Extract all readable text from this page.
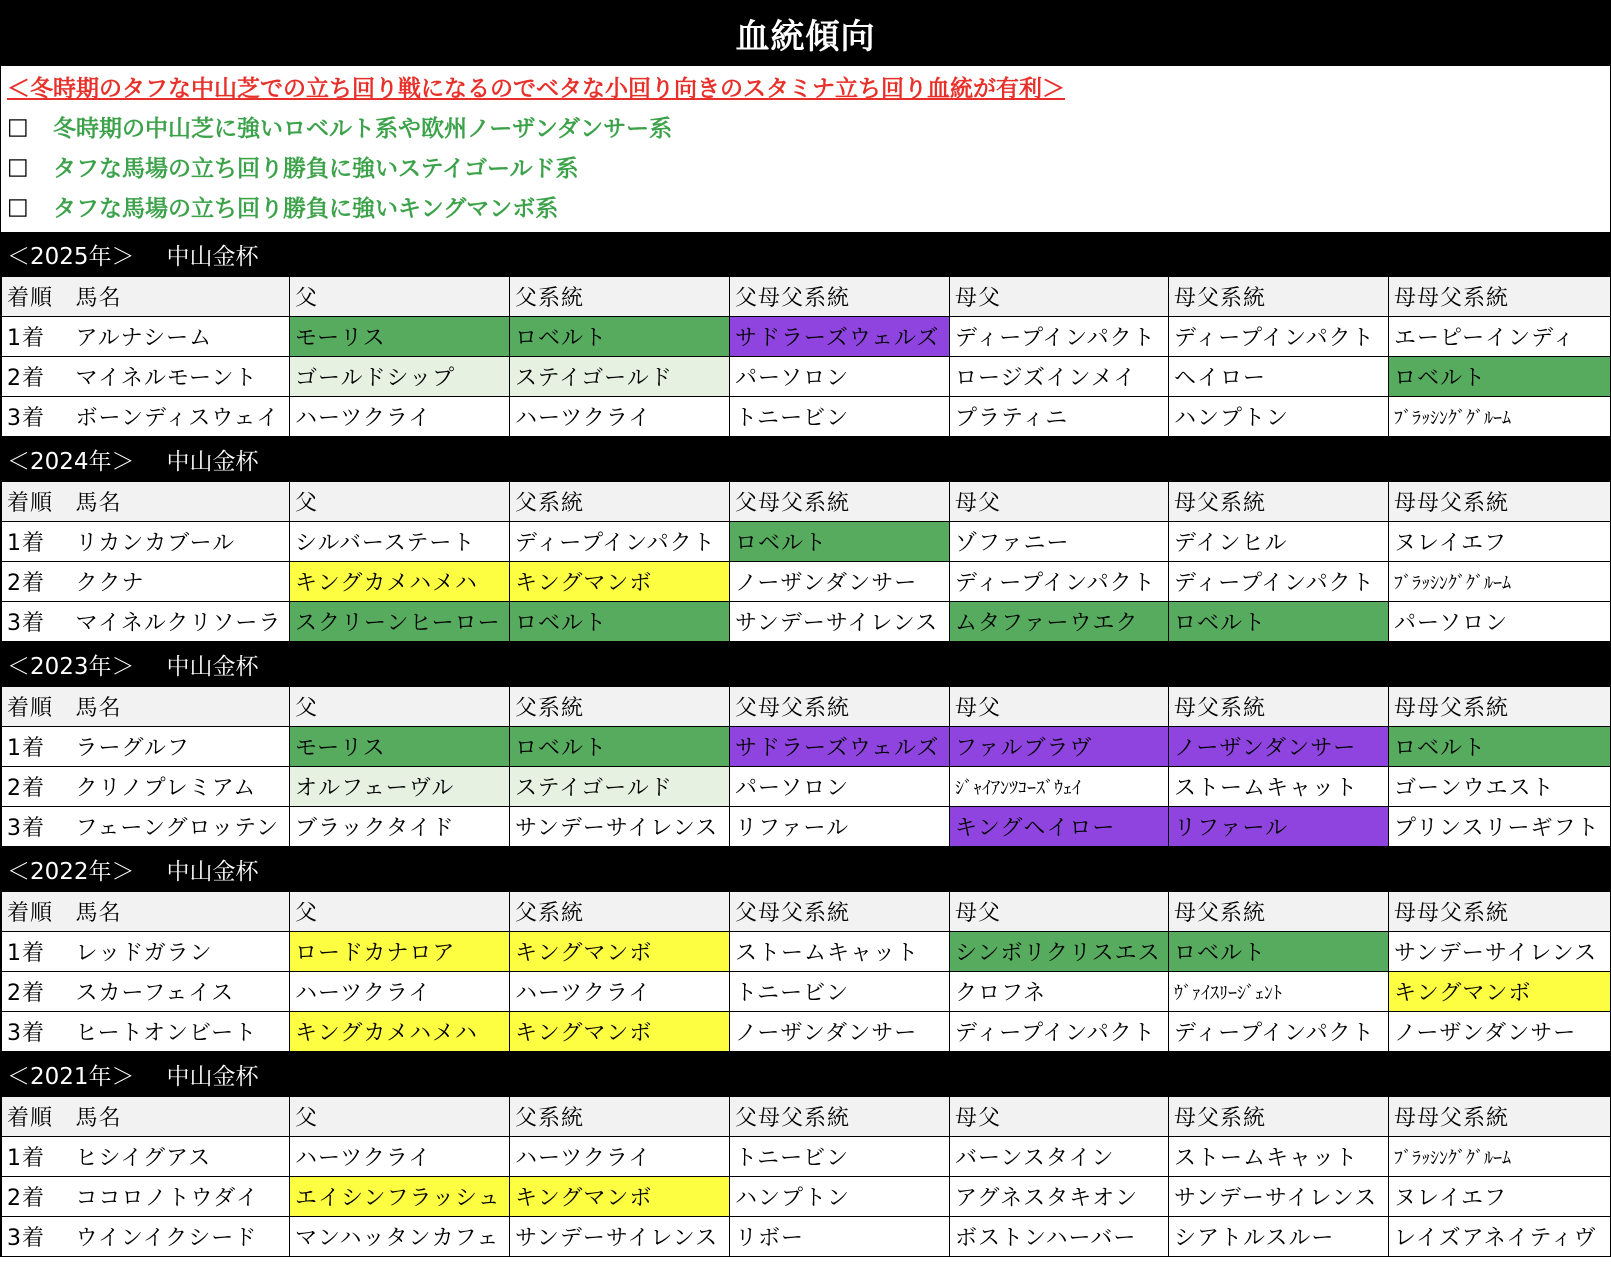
血統傾向
＜冬時期のタフな中山芝での立ち回り戦になるのでベタな小回り向きのスタミナ立ち回り血統が有利＞
□ 冬時期の中山芝に強いロベルト系や欧州ノーザンダンサー系
□ タフな馬場の立ち回り勝負に強いステイゴールド系
□ タフな馬場の立ち回り勝負に強いキングマンボ系
＜2025年＞ 中山金杯
着順	馬名	父	父系統	父母父系統	母父	母父系統	母母父系統
1着	アルナシーム	モーリス	ロベルト	サドラーズウェルズ	ディープインパクト	ディープインパクト	エーピーインディ
2着	マイネルモーント	ゴールドシップ	ステイゴールド	パーソロン	ロージズインメイ	ヘイロー	ロベルト
3着	ボーンディスウェイ	ハーツクライ	ハーツクライ	トニービン	プラティニ	ハンプトン	ﾌﾞﾗｯｼﾝｸﾞｸﾞﾙｰﾑ
＜2024年＞ 中山金杯
着順	馬名	父	父系統	父母父系統	母父	母父系統	母母父系統
1着	リカンカブール	シルバーステート	ディープインパクト	ロベルト	ゾファニー	デインヒル	ヌレイエフ
2着	ククナ	キングカメハメハ	キングマンボ	ノーザンダンサー	ディープインパクト	ディープインパクト	ﾌﾞﾗｯｼﾝｸﾞｸﾞﾙｰﾑ
3着	マイネルクリソーラ	スクリーンヒーロー	ロベルト	サンデーサイレンス	ムタファーウエク	ロベルト	パーソロン
＜2023年＞ 中山金杯
着順	馬名	父	父系統	父母父系統	母父	母父系統	母母父系統
1着	ラーグルフ	モーリス	ロベルト	サドラーズウェルズ	ファルブラヴ	ノーザンダンサー	ロベルト
2着	クリノプレミアム	オルフェーヴル	ステイゴールド	パーソロン	ｼﾞｬｲｱﾝﾂｺｰｽﾞｳｪｲ	ストームキャット	ゴーンウエスト
3着	フェーングロッテン	ブラックタイド	サンデーサイレンス	リファール	キングヘイロー	リファール	プリンスリーギフト
＜2022年＞ 中山金杯
着順	馬名	父	父系統	父母父系統	母父	母父系統	母母父系統
1着	レッドガラン	ロードカナロア	キングマンボ	ストームキャット	シンボリクリスエス	ロベルト	サンデーサイレンス
2着	スカーフェイス	ハーツクライ	ハーツクライ	トニービン	クロフネ	ｳﾞｧｲｽﾘｰｼﾞｪﾝﾄ	キングマンボ
3着	ヒートオンビート	キングカメハメハ	キングマンボ	ノーザンダンサー	ディープインパクト	ディープインパクト	ノーザンダンサー
＜2021年＞ 中山金杯
着順	馬名	父	父系統	父母父系統	母父	母父系統	母母父系統
1着	ヒシイグアス	ハーツクライ	ハーツクライ	トニービン	バーンスタイン	ストームキャット	ﾌﾞﾗｯｼﾝｸﾞｸﾞﾙｰﾑ
2着	ココロノトウダイ	エイシンフラッシュ	キングマンボ	ハンプトン	アグネスタキオン	サンデーサイレンス	ヌレイエフ
3着	ウインイクシード	マンハッタンカフェ	サンデーサイレンス	リボー	ボストンハーバー	シアトルスルー	レイズアネイティヴ
